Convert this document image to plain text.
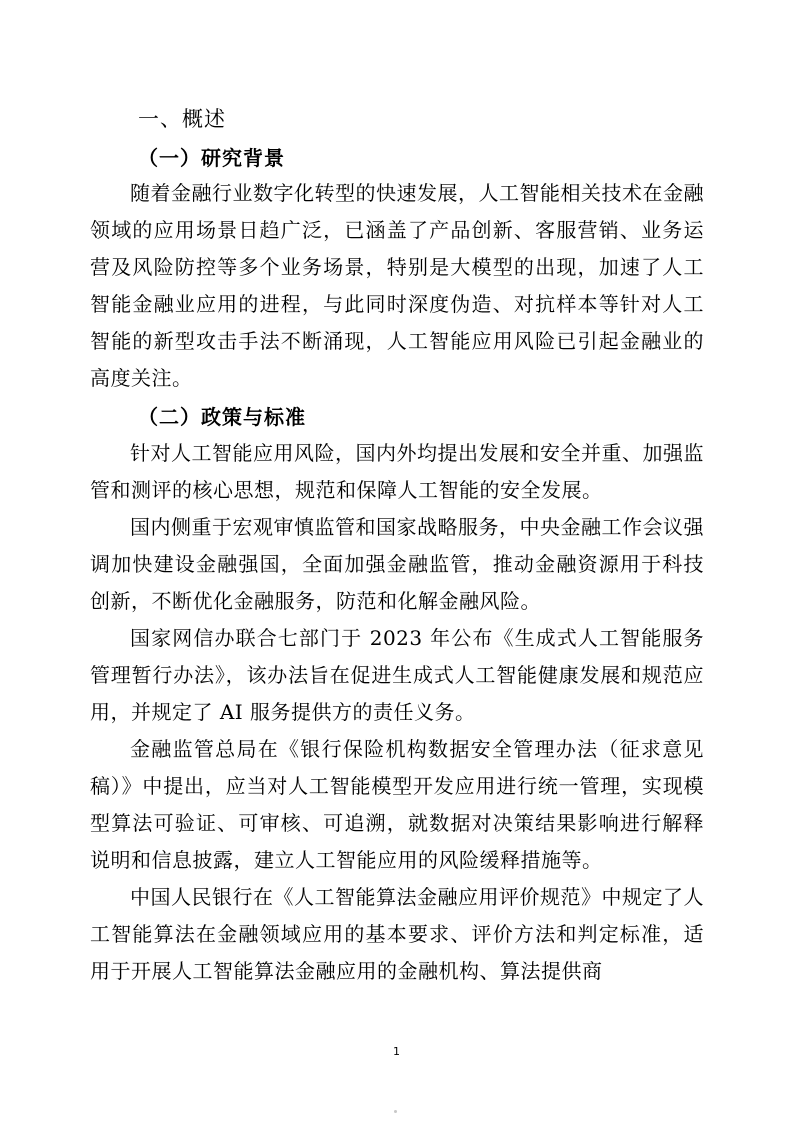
一、概述
（一）研究背景

随着金融行业数字化转型的快速发展，人工智能相关技术在金融领域的应用场景日趋广泛，已涵盖了产品创新、客服营销、业务运营及风险防控等多个业务场景，特别是大模型的出现，加速了人工智能金融业应用的进程，与此同时深度伪造、对抗样本等针对人工智能的新型攻击手法不断涌现，人工智能应用风险已引起金融业的高度关注。

（二）政策与标准

针对人工智能应用风险，国内外均提出发展和安全并重、加强监管和测评的核心思想，规范和保障人工智能的安全发展。

国内侧重于宏观审慎监管和国家战略服务，中央金融工作会议强调加快建设金融强国，全面加强金融监管，推动金融资源用于科技创新，不断优化金融服务，防范和化解金融风险。

国家网信办联合七部门于 2023 年公布《生成式人工智能服务管理暂行办法》，该办法旨在促进生成式人工智能健康发展和规范应用，并规定了 AI 服务提供方的责任义务。

金融监管总局在《银行保险机构数据安全管理办法（征求意见稿）》中提出，应当对人工智能模型开发应用进行统一管理，实现模型算法可验证、可审核、可追溯，就数据对决策结果影响进行解释说明和信息披露，建立人工智能应用的风险缓释措施等。

中国人民银行在《人工智能算法金融应用评价规范》中规定了人工智能算法在金融领域应用的基本要求、评价方法和判定标准，适用于开展人工智能算法金融应用的金融机构、算法提供商

1
